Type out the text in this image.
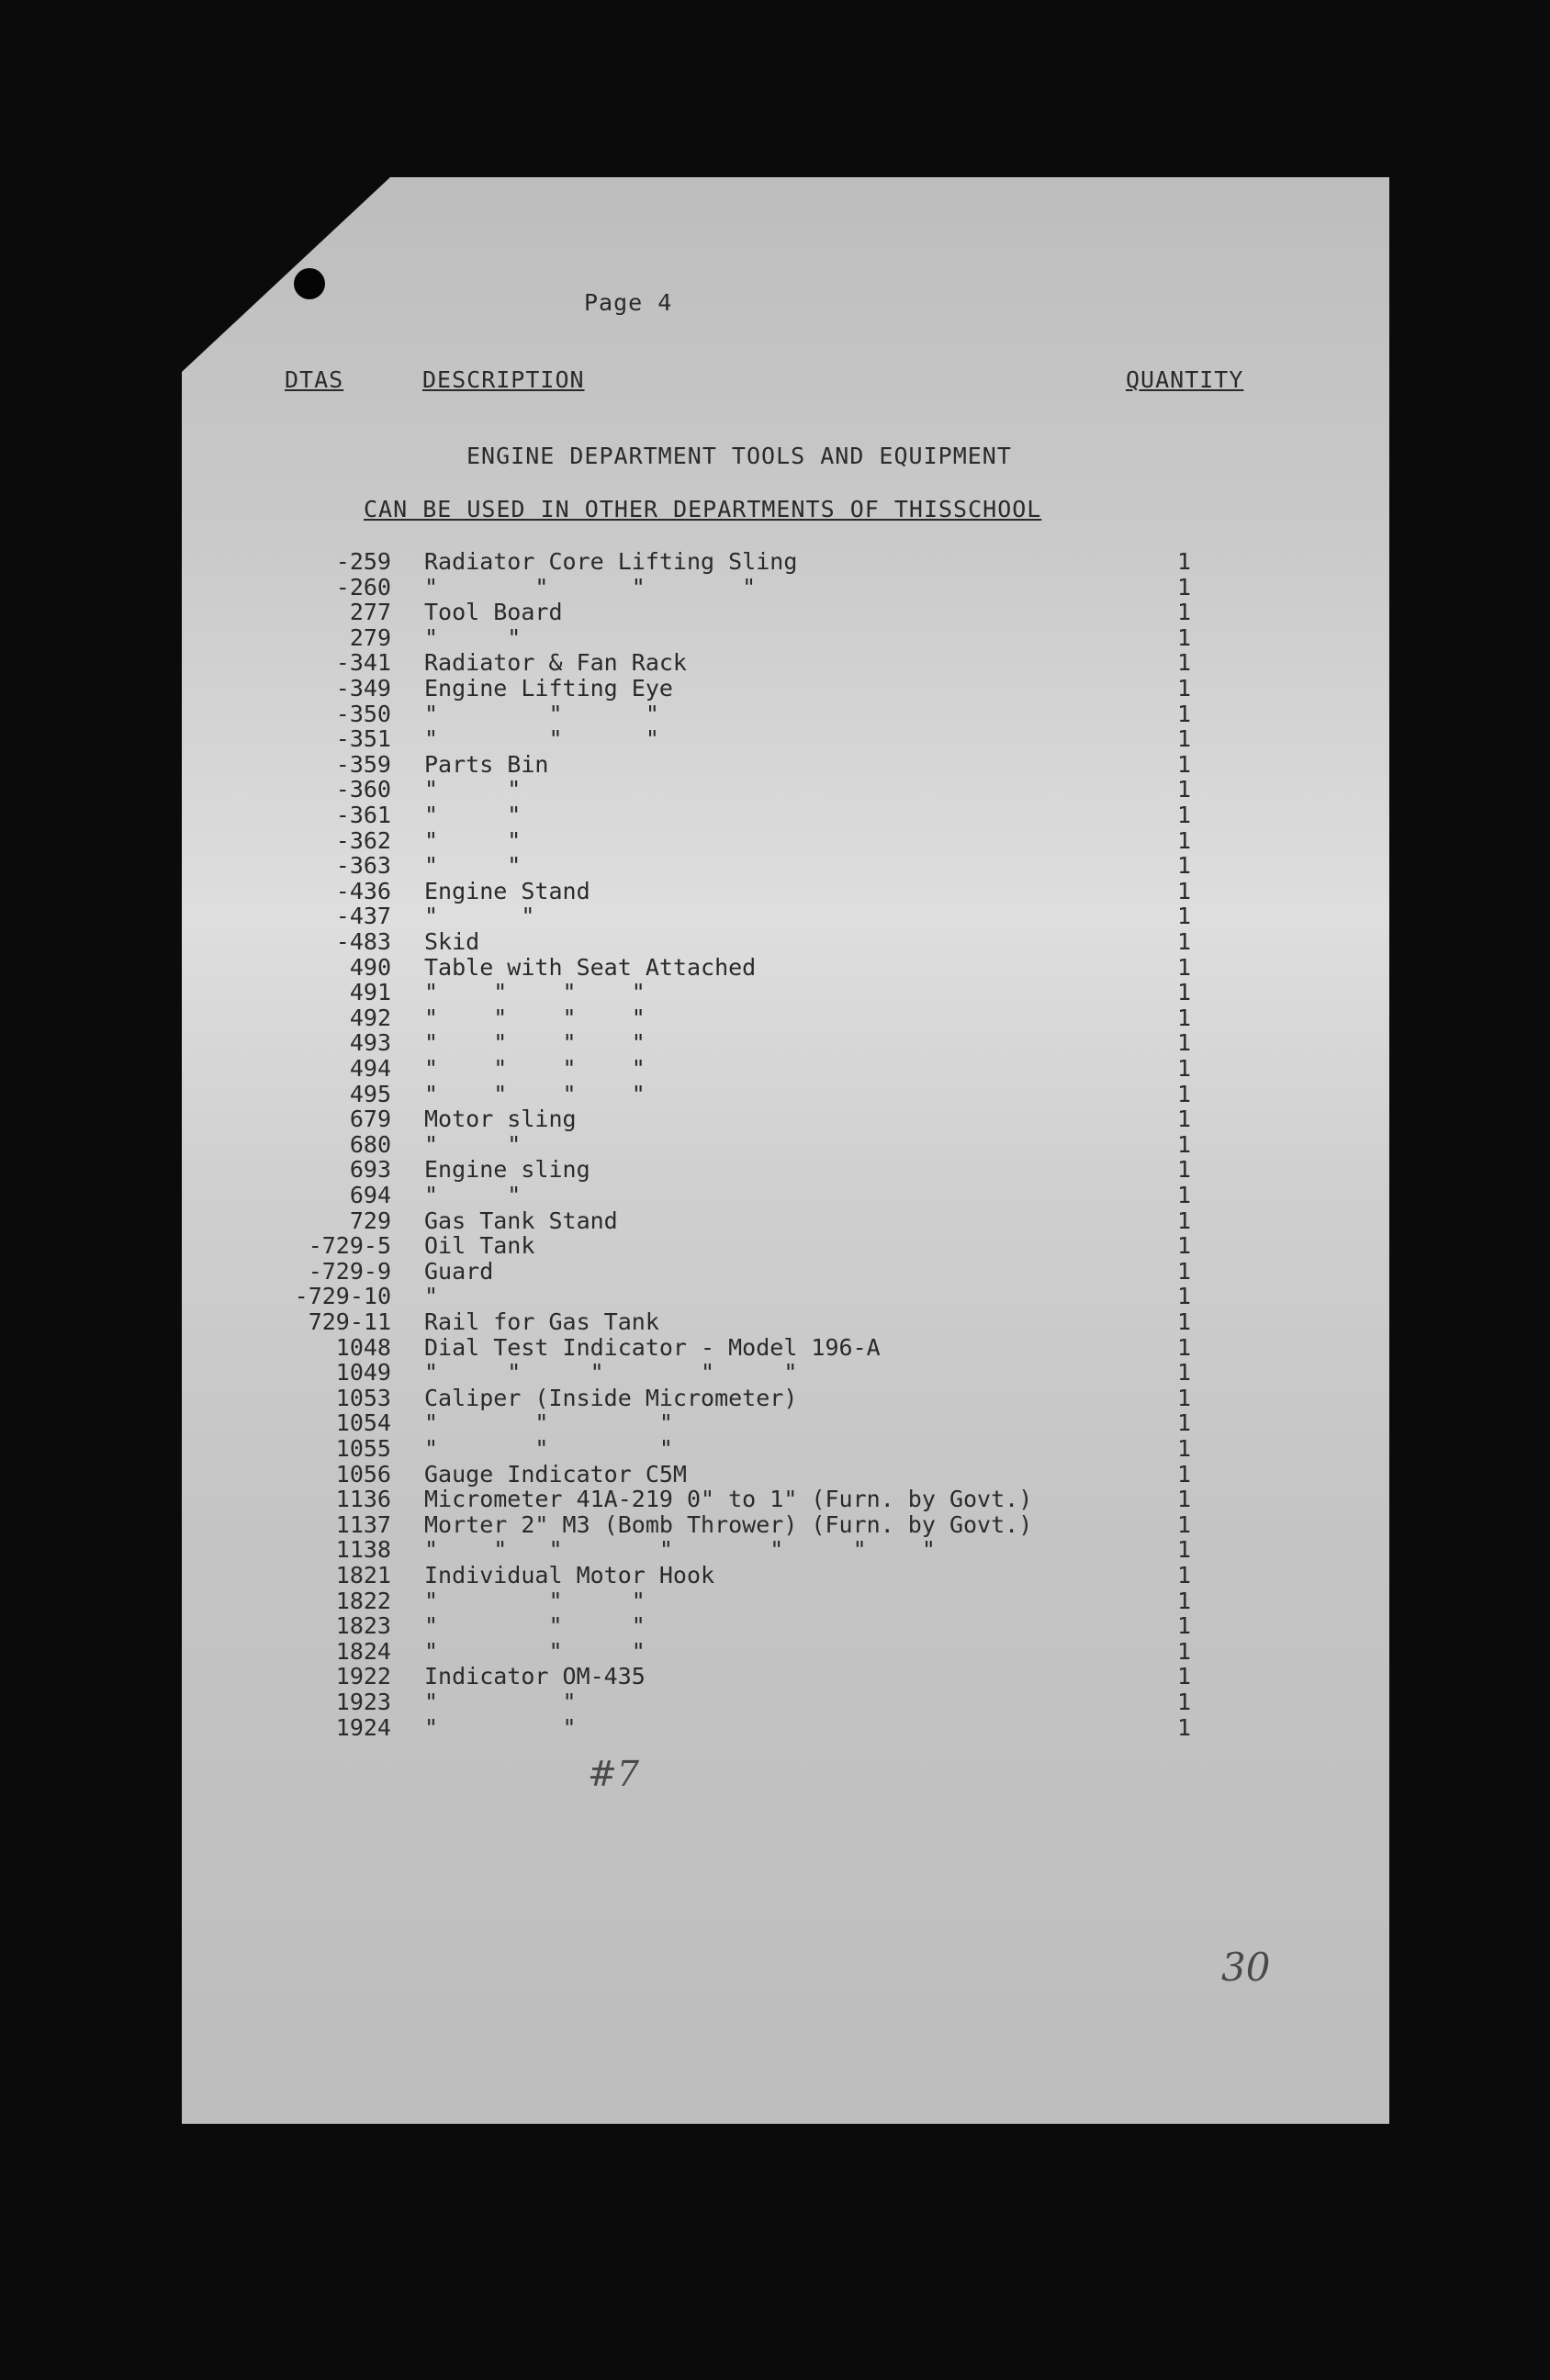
Page 4
DTAS	DESCRIPTION	QUANTITY
ENGINE DEPARTMENT TOOLS AND EQUIPMENT
CAN BE USED IN OTHER DEPARTMENTS OF THISSCHOOL
-259 Radiator Core Lifting Sling	1
-260 "       "      "       "	1
277 Tool Board	1
279 "     "	1
-341 Radiator & Fan Rack	1
-349 Engine Lifting Eye	1
-350 "        "      "	1
-351 "        "      "	1
-359 Parts Bin	1
-360 "     "	1
-361 "     "	1
-362 "     "	1
-363 "     "	1
-436 Engine Stand	1
-437 "      "	1
-483 Skid	1
490 Table with Seat Attached	1
491 "    "    "    "	1
492 "    "    "    "	1
493 "    "    "    "	1
494 "    "    "    "	1
495 "    "    "    "	1
679 Motor sling	1
680 "     "	1
693 Engine sling	1
694 "     "	1
729 Gas Tank Stand	1
-729-5 Oil Tank	1
-729-9 Guard	1
-729-10 "	1
729-11 Rail for Gas Tank	1
1048 Dial Test Indicator - Model 196-A	1
1049 "     "     "       "     "	1
1053 Caliper (Inside Micrometer)	1
1054 "       "        "	1
1055 "       "        "	1
1056 Gauge Indicator C5M	1
1136 Micrometer 41A-219 0" to 1" (Furn. by Govt.)	1
1137 Morter 2" M3 (Bomb Thrower) (Furn. by Govt.)	1
1138 "    "   "       "       "     "    "	1
1821 Individual Motor Hook	1
1822 "        "     "	1
1823 "        "     "	1
1824 "        "     "	1
1922 Indicator OM-435	1
1923 "         "	1
1924 "         "	1
#7
30
